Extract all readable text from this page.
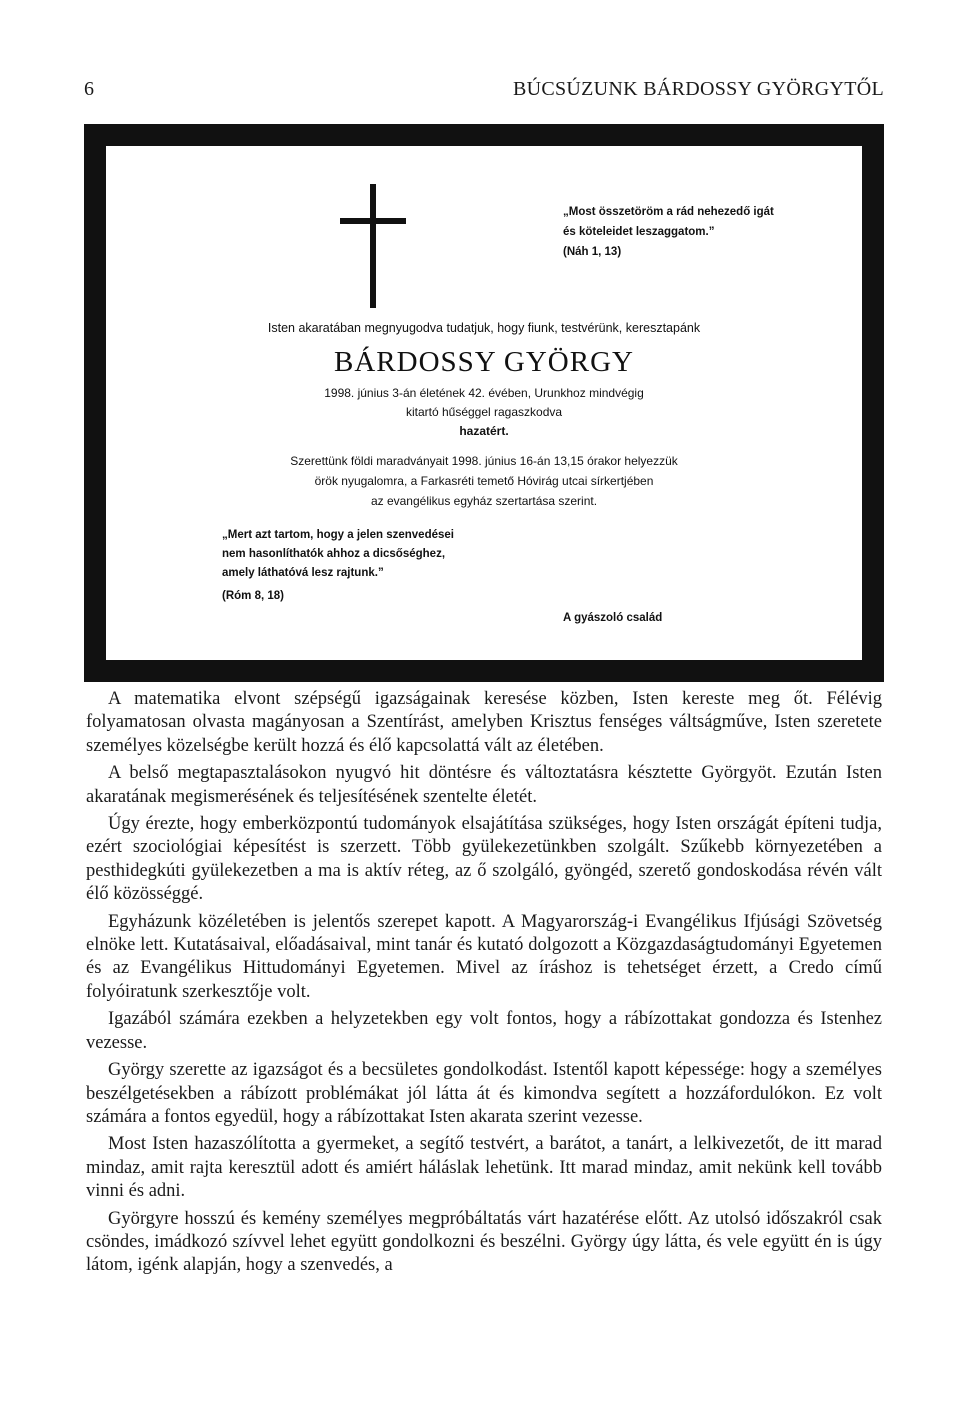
6	BÚCSÚZUNK BÁRDOSSY GYÖRGYTŐL
„Most összetöröm a rád nehezedő igát
és köteleidet leszaggatom.”
(Náh 1, 13)
Isten akaratában megnyugodva tudatjuk, hogy fiunk, testvérünk, keresztapánk
BÁRDOSSY GYÖRGY
1998. június 3-án életének 42. évében, Urunkhoz mindvégig
kitartó hűséggel ragaszkodva
hazatért.
Szerettünk földi maradványait 1998. június 16-án 13,15 órakor helyezzük
örök nyugalomra, a Farkasréti temető Hóvirág utcai sírkertjében
az evangélikus egyház szertartása szerint.
„Mert azt tartom, hogy a jelen szenvedései
nem hasonlíthatók ahhoz a dicsőséghez,
amely láthatóvá lesz rajtunk.”
(Róm 8, 18)
A gyászoló család

A matematika elvont szépségű igazságainak keresése közben, Isten kereste meg őt. Félévig folyamatosan olvasta magányosan a Szentírást, amelyben Krisztus fenséges váltságműve, Isten szeretete személyes közelségbe került hozzá és élő kapcsolattá vált az életében.

A belső megtapasztalásokon nyugvó hit döntésre és változtatásra késztette Györgyöt. Ezután Isten akaratának megismerésének és teljesítésének szentelte életét.

Úgy érezte, hogy emberközpontú tudományok elsajátítása szükséges, hogy Isten országát építeni tudja, ezért szociológiai képesítést is szerzett. Több gyülekezetünkben szolgált. Szűkebb környezetében a pesthidegkúti gyülekezetben a ma is aktív réteg, az ő szolgáló, gyöngéd, szerető gondoskodása révén vált élő közösséggé.

Egyházunk közéletében is jelentős szerepet kapott. A Magyarország-i Evangélikus Ifjúsági Szövetség elnöke lett. Kutatásaival, előadásaival, mint tanár és kutató dolgozott a Közgazdaságtudományi Egyetemen és az Evangélikus Hittudományi Egyetemen. Mivel az íráshoz is tehetséget érzett, a Credo című folyóiratunk szerkesztője volt.

Igazából számára ezekben a helyzetekben egy volt fontos, hogy a rábízottakat gondozza és Istenhez vezesse.

György szerette az igazságot és a becsületes gondolkodást. Istentől kapott képessége: hogy a személyes beszélgetésekben a rábízott problémákat jól látta át és kimondva segített a hozzáfordulókon. Ez volt számára a fontos egyedül, hogy a rábízottakat Isten akarata szerint vezesse.

Most Isten hazaszólította a gyermeket, a segítő testvért, a barátot, a tanárt, a lelkivezetőt, de itt marad mindaz, amit rajta keresztül adott és amiért háláslak lehetünk. Itt marad mindaz, amit nekünk kell tovább vinni és adni.

Györgyre hosszú és kemény személyes megpróbáltatás várt hazatérése előtt. Az utolsó időszakról csak csöndes, imádkozó szívvel lehet együtt gondolkozni és beszélni. György úgy látta, és vele együtt én is úgy látom, igénk alapján, hogy a szenvedés, a
